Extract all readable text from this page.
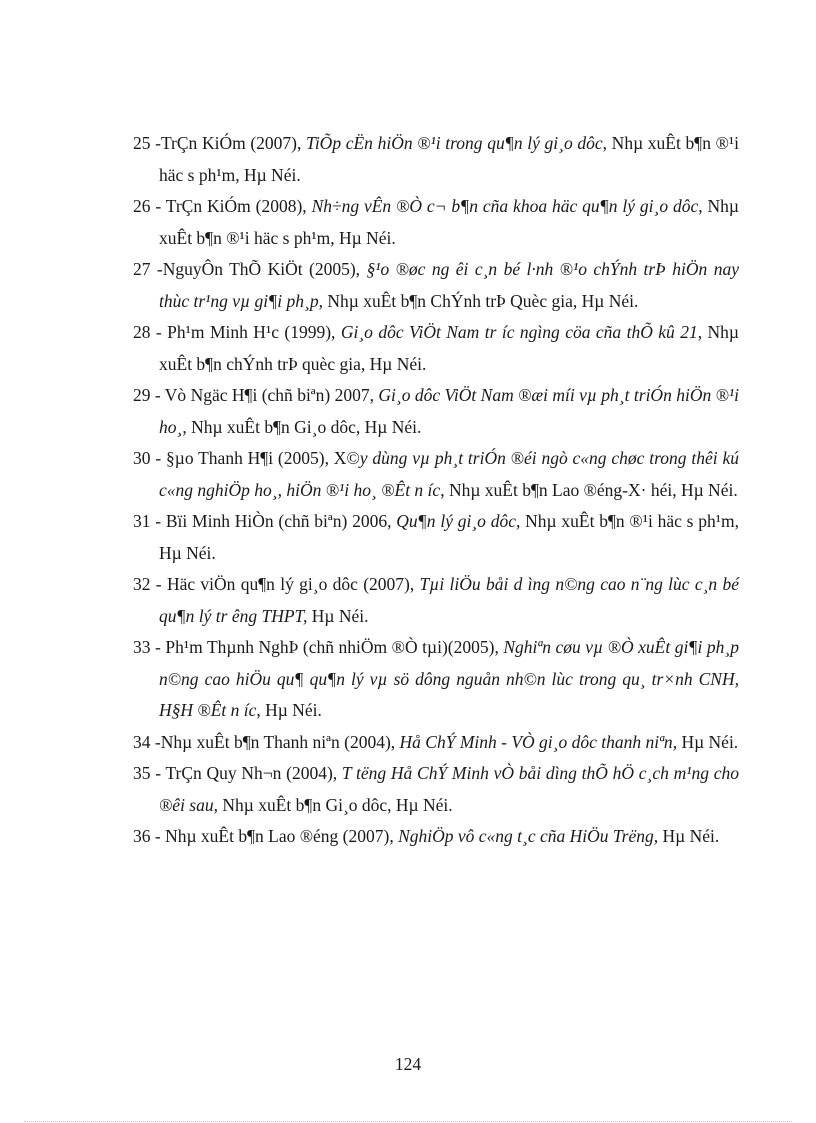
25 -TrÇn KiÓm (2007), TiÕp cËn hiÖn ®¹i trong qu¶n lý gi¸o dôc, Nhµ xuÊt b¶n ®¹i häc s ph¹m, Hµ Néi.
26 - TrÇn KiÓm (2008), Nh÷ng vÊn ®Ò c¬ b¶n cña khoa häc qu¶n lý gi¸o dôc, Nhµ xuÊt b¶n ®¹i häc s ph¹m, Hµ Néi.
27 -NguyÔn ThÕ KiÖt (2005), §¹o ®øc ng êi c¸n bé l·nh ®¹o chÝnh trÞ hiÖn nay thùc tr¹ng vµ gi¶i ph¸p, Nhµ xuÊt b¶n ChÝnh trÞ Quèc gia, Hµ Néi.
28 - Ph¹m Minh H¹c (1999), Gi¸o dôc ViÖt Nam tr íc ngìng cöa cña thÕ kû 21, Nhµ xuÊt b¶n chÝnh trÞ quèc gia, Hµ Néi.
29 - Vò Ngäc H¶i (chñ biªn) 2007, Gi¸o dôc ViÖt Nam ®æi míi vµ ph¸t triÓn hiÖn ®¹i ho¸, Nhµ xuÊt b¶n Gi¸o dôc, Hµ Néi.
30 - §µo Thanh H¶i (2005), X©y dùng vµ ph¸t triÓn ®éi ngò c«ng chøc trong thêi kú c«ng nghiÖp ho¸, hiÖn ®¹i ho¸ ®Êt n íc, Nhµ xuÊt b¶n Lao ®éng-X· héi, Hµ Néi.
31 - Bïi Minh HiÒn (chñ biªn) 2006, Qu¶n lý gi¸o dôc, Nhµ xuÊt b¶n ®¹i häc s ph¹m, Hµ Néi.
32 - Häc viÖn qu¶n lý gi¸o dôc (2007), Tµi liÖu båi d ìng n©ng cao n¨ng lùc c¸n bé qu¶n lý tr êng THPT, Hµ Néi.
33 - Ph¹m Thµnh NghÞ (chñ nhiÖm ®Ò tµi)(2005), Nghiªn cøu vµ ®Ò xuÊt gi¶i ph¸p n©ng cao hiÖu qu¶ qu¶n lý vµ sö dông nguån nh©n lùc trong qu¸ tr×nh CNH, H§H ®Êt n íc, Hµ Néi.
34 -Nhµ xuÊt b¶n Thanh niªn (2004), Hå ChÝ Minh - VÒ gi¸o dôc thanh niªn, Hµ Néi.
35 - TrÇn Quy Nh¬n (2004), T tëng Hå ChÝ Minh vÒ båi dìng thÕ hÖ c¸ch m¹ng cho ®êi sau, Nhµ xuÊt b¶n Gi¸o dôc, Hµ Néi.
36 - Nhµ xuÊt b¶n Lao ®éng (2007), NghiÖp vô c«ng t¸c cña HiÖu Trëng, Hµ Néi.
124
